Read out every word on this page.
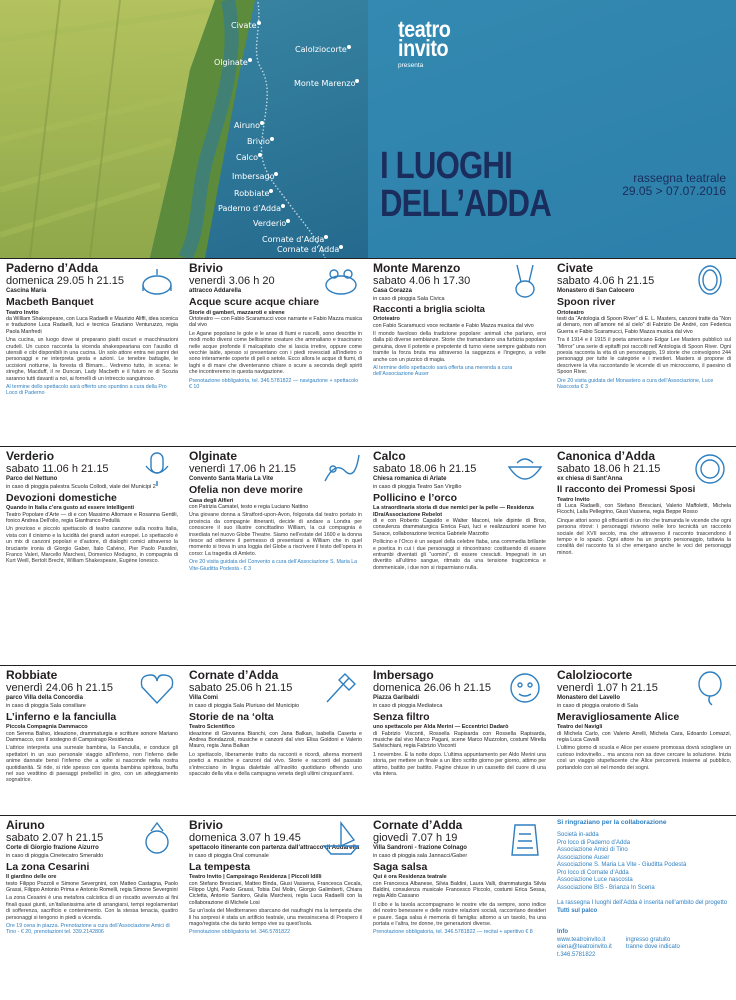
teatro
invito
presenta
I LUOGHI
DELL’ADDA
rassegna teatrale
29.05 > 07.07.2016
Civate
Calolziocorte
Olginate
Monte Marenzo
Airuno
Brivio
Calco
Imbersago
Robbiate
Paderno d’Adda
Verderio
Cornate d’Adda
Cornate d’Adda
Paderno d’Adda
domenica 29.05 h 21.15
Cascina Maria
Macbeth Banquet
Teatro Invito
da William Shakespeare, con Luca Radaelli e Maurizio Aliffi, idea scenica e traduzione Luca Radaelli, luci e tecnica Graziano Venturuzzo, regia Paola Manfredi
Una cucina, un luogo dove si preparano piatti oscuri e macchinazioni crudeli. Un cuoco racconta la vicenda shakespeariana con l’ausilio di utensili e cibi disponibili in una cucina. Un solo attore entra nei panni dei personaggi e ne interpreta gesta e azioni. Le tenebre battaglie, le uccisioni notturne, la foresta di Birnam... Vedremo tutto, in scena: le streghe, Macduff, il re Duncan, Lady Macbeth e il futuro re di Scozia saranno tutti davanti a noi, ai fornelli di un intreccio sanguinoso.
Al termine dello spettacolo sarà offerto uno spuntino a cura della Pro Loco di Paderno
Brivio
venerdì 3.06 h 20
attracco Addarella
Acque scure acque chiare
Storie di gamberi, mazzaroti e sirene
Ortoteatro — con Fabio Scaramucci voce narrante e Fabio Mazza musica dal vivo
Le Agane popolano le gole e le anse di fiumi e ruscelli, sono descritte in modi molto diversi come bellissime creature che ammaliano e trascinano nelle acque profonde il malcapitato che si lascia irretire, oppure come vecchie laide, spesso si presentano con i piedi rovesciati all’indietro o sono interamente coperte di peli o setole. Ecco allora le acque di fiumi, di laghi e di mare che diventeranno chiare o scure a seconda degli spiriti che incontreremo in questa navigazione.
Prenotazione obbligatoria, tel. 346.5781822 — navigazione + spettacolo € 10
Monte Marenzo
sabato 4.06 h 17.30
Casa Corazza
in caso di pioggia Sala Civica
Racconti a briglia sciolta
Ortoteatro
con Fabio Scaramucci voce recitante e Fabio Mazza musica dal vivo
Il mondo favoloso della tradizione popolare: animali che parlano, eroi dalla più diverse sembianze. Storie che tramandano una furbizia popolare genuina, dove il potente e prepotente di turno viene sempre gabbato non tramite la forza bruta ma attraverso la saggezza e l’ingegno, a volte anche con un pizzico di magia.
Al termine dello spettacolo sarà offerta una merenda a cura dell’Associazione Auser
Civate
sabato 4.06 h 21.15
Monastero di San Calocero
Spoon river
Ortoteatro
testi da “Antologia di Spoon River” di E. L. Masters, canzoni tratte da “Non al denaro, non all’amore né al cielo” di Fabrizio De André, con Federica Guerra e Fabio Scaramucci, Fabio Mazza musica dal vivo
Tra il 1914 e il 1915 il poeta americano Edgar Lee Masters pubblicò sul “Mirror” una serie di epitaffi poi raccolti nell’Antologia di Spoon River. Ogni poesia racconta la vita di un personaggio, 19 storie che coinvolgono 244 personaggi per tutte le categorie e i mestieri. Masters si propone di descrivere la vita raccontando le vicende di un microcosmo, il paesino di Spoon River.
Ore 20 visita guidata del Monastero a cura dell’Associazione, Luce Nascosta € 3
Verderio
sabato 11.06 h 21.15
Parco del Nettuno
in caso di pioggia palestra Scuola Collodi, viale dei Municipi 2
Devozioni domestiche
Quando in Italia c’era gusto ad essere intelligenti
Teatro Popolare d’Arte — di e con Massimo Altomare e Rosanna Gentili, fonico Andrea Dell’olio, regia Gianfranco Pedullà
Un prezioso e piccolo spettacolo di teatro canzone sulla nostra Italia, vista con il cinismo e la lucidità dei grandi autori europei. Lo spettacolo è un mix di canzoni popolari e d’autore, di dialoghi comici attraverso la bruciante ironia di Giorgio Gaber, Italo Calvino, Pier Paolo Pasolini, Franco Valeri, Marcello Marchesi, Domenico Modugno, in compagnia di Kurt Weill, Bertolt Brecht, William Shakespeare, Eugène Ionesco.
Olginate
venerdì 17.06 h 21.15
Convento Santa Maria La Vite
Ofelia non deve morire
Casa degli Alfieri
con Patrizia Camatel, testo e regia Luciano Nattino
Una giovane donna a Stratford-upon-Avon, folgorata dal teatro portato in provincia da compagnie itineranti, decide di andare a Londra per conoscere il suo illustre concittadino William, la cui compagnia è insediata nel nuovo Globe Theatre. Siamo nell’estate del 1600 e la donna riesce ad ottenere il permesso di presentarsi a William che in quel momento si trova in una loggia del Globe a riscrivere il testo dell’opera in corso: La tragedia di Amleto.
Ore 20 visita guidata del Convento a cura dell’Associazione S. Maria La Vite-Giuditta Podestà - € 3
Calco
sabato 18.06 h 21.15
Chiesa romanica di Arlate
in caso di pioggia Teatro San Virgilio
Pollicino e l’orco
La straordinaria storia di due nemici per la pelle — Residenza IDra/Associazione Rebelot
di e con Roberto Capaldo e Walter Maconi, tele dipinte di Bros, consulenza drammaturgica Enrica Fazi, luci e realizzazioni scene Ivo Surace, collaborazione tecnica Gabriele Marzotto
Pollicino e l’Orco è un sequel della celebre fiaba, una commedia brillante e poetica in cui i due personaggi si riincontrano: costituendo di essere entrambi diventati gli “uomini”, di essere cresciuti. Impegnati in un divertito all’ultimo sangue, ritmato da una tensione tragicomica e dommenicale, i due non si risparmiano nulla.
Canonica d’Adda
sabato 18.06 h 21.15
ex chiesa di Sant’Anna
Il racconto dei Promessi Sposi
Teatro Invito
di Luca Radaelli, con Stefano Bresciani, Valerio Maffoletti, Michela Ficochi, Lalla Pellegrino, Giusi Vassena, regia Beppe Rosso
Cinque attori sono gli officianti di un rito che tramanda le vicende che ogni persona ritrovi: i personaggi rivivono nelle loro tecnicità un racconto sociale del XVII secolo, ma che attraverso il racconto trascendono il tempo e lo spazio. Ogni attore ha un proprio personaggio, tuttavia la coralità del racconto fa sì che emergano anche le voci dei personaggi minori.
Robbiate
venerdì 24.06 h 21.15
parco Villa della Concordia
in caso di pioggia Sala consiliare
L’inferno e la fanciulla
Piccola Compagnia Dammacco
con Serena Balivo, ideazione, drammaturgia e scritture sonore Mariano Dammacco, con il sostegno di Campsirago Residenza
L’attrice interpreta una surreale bambina, la Fanciulla, e conduce gli spettatori in un suo personale viaggio all’inferno, non l’inferno delle anime dannate bensì l’inferno che a volte si nasconde nella nostra quotidianità. Si ride, si ride spesso con questa bambina spiritosa, buffa nel suo vestitino di paesaggi prebellici in giro, con un atteggiamento sognatrice.
Cornate d’Adda
sabato 25.06 h 21.15
Villa Comi
in caso di pioggia Sala Pluriuso del Municipio
Storie de na ‘olta
Teatro Scientifico
ideazione di Giovanna Bianchi, con Jana Balkan, Isabella Caserta e Andrea Bondazzoli, musiche e canzoni dal vivo Elisa Goldoni e Valerio Mauro, regia Jana Balkan
Lo spettacolo, liberamente tratto da racconti e ricordi, alterna momenti poetici a musiche e canzoni dal vivo. Storie e racconti del passato s’intrecciano in lingua dialettale all’insolito quotidiano offrendo uno spaccato della vita e della campagna veneta degli ultimi cinquant’anni.
Imbersago
domenica 26.06 h 21.15
Piazza Garibaldi
in caso di pioggia Mediateca
Senza filtro
uno spettacolo per Alda Merini — Eccentrici Dadarò
di Fabrizio Visconti, Rossella Rapisarda con Rossella Rapisarda, musiche dal vivo Marco Pagani, scene Marco Muzzolon, costumi Mirella Salvischiani, regia Fabrizio Visconti
1 novembre. È la notte dopo. L’ultima appuntamento per Aldo Merini una storia, per mettere un finale a un libro scritto giorno per giorno, attimo per attimo, battito per battito. Pagine chiuse in un cassetto del cuore di una vita intera.
Calolziocorte
venerdì 1.07 h 21.15
Monastero del Lavello
in caso di pioggia oratorio di Sala
Meravigliosamente Alice
Teatro dei Navigli
di Michela Carlo, con Valerio Arrelli, Michela Cara, Edoardo Lomazzi, regia Luca Cavalli
L’ultimo giorno di scuola e Alice per essere promossa dovrà sciogliere un curioso indovinello... ma ancora non sa dove cercare la soluzione. Inizia così un viaggio stupefacente che Alice percorrerà insieme al pubblico, portandolo con sé nel mondo dei sogni.
Airuno
sabato 2.07 h 21.15
Corte di Giorgio frazione Aizurro
in caso di pioggia Cinetecatro Smeraldo
La zona Cesarini
Il giardino delle ore
testo Filippo Pozzoli e Simone Severgnini, con Matteo Castagna, Paolo Grassi, Filippo Antonio Prima e Antonio Romelli, regia Simone Severgnini
La zona Cesarini è una metafora calcistica di un riscatto avvenuto ai fini finali quasi giunti, un’italianissima arte di arrangiarsi, tempi regolamentari di sofferenza, sacrificio e contenimento. Con la stessa tenacia, quattro personaggi si tengono in piedi a vicenda.
Ore 19 cena in piazza. Prenotazione a cura dell’Associazione Amici di Tino - € 20, prenotazioni tel. 339.2142806
Brivio
domenica 3.07 h 19.45
spettacolo itinerante con partenza dall’attracco di Addarella
in caso di pioggia Oral comunale
La tempesta
Teatro Invito | Campsirago Residenza | Piccoli Idilli
con Stefano Bresciani, Matteo Binda, Giusi Vassena, Francesca Cecala, Filippo Ughi, Paolo Grassi, Tobia Dal Molin, Giorgio Galimberti, Chiara Cicletta, Antonio Santoro, Giulia Marchesi, regia Luca Radaelli con la collaborazione di Michele Losi
Su un’isola del Mediterraneo sbarcano dei naufraghi ma la tempesta che li ha sorpresi è stata un artificio teatrale, una messinscena di Prospero il mago/regista che da tanto tempo vive su quest’isola.
Prenotazione obbligatoria tel. 346.5781822
Cornate d’Adda
giovedì 7.07 h 19
Villa Sandroni - frazione Colnago
in caso di pioggia sala Jannacci/Gaber
Saga salsa
Qui è ora Residenza teatrale
con Francesca Albanese, Silvia Baldini, Laura Valli, drammaturgia Silvia Baldini, consulenza musicale Francesco Piccolo, costumi Erica Sessa, regia Aldo Cassano
Il cibo e la tavola accompagnano le nostre vite da sempre, sono indice del nostro benessere e delle nostre relazioni sociali, raccontano desideri e paure. Saga salsa è memoria di famiglia: attorno a un tavolo, fra una portata e l’altra, tre donne, tre generazioni diverse.
Prenotazione obbligatoria, tel. 346.5781822 — recital + aperitivo € 8
Si ringraziano per la collaborazione
Società in-adda
Pro loco di Paderno d’Adda
Associazione Amici di Tino
Associazione Auser
Associazione S. Maria La Vite - Giuditta Podestà
Pro loco di Cornate d’Adda
Associazione Luce nascosta
Associazione BIS - Brianza In Scena
La rassegna I luoghi dell’Adda è inserita nell’ambito del progetto Tutti sul palco
Info
www.teatroinvito.it
eiena@teatroinvito.it
t.346.5781822
ingresso gratuito
tranne dove indicato
